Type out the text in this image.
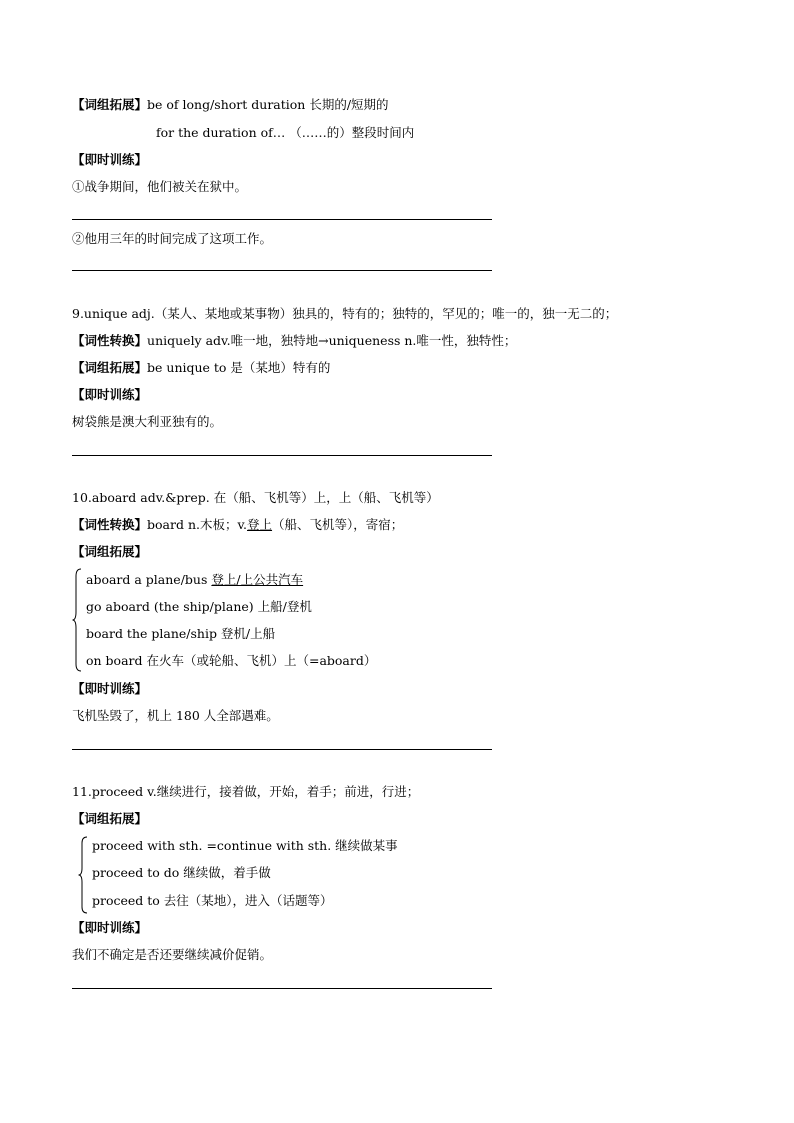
【词组拓展】be of long/short duration 长期的/短期的
for the duration of… （……的）整段时间内
【即时训练】
①战争期间，他们被关在狱中。
②他用三年的时间完成了这项工作。
9.unique adj.（某人、某地或某事物）独具的，特有的；独特的，罕见的；唯一的，独一无二的；
【词性转换】uniquely adv.唯一地，独特地→uniqueness n.唯一性，独特性；
【词组拓展】be unique to 是（某地）特有的
【即时训练】
树袋熊是澳大利亚独有的。
10.aboard adv.&prep. 在（船、飞机等）上，上（船、飞机等）
【词性转换】board n.木板；v.登上（船、飞机等），寄宿；
【词组拓展】
aboard a plane/bus 登上/上公共汽车
go aboard (the ship/plane) 上船/登机
board the plane/ship 登机/上船
on board 在火车（或轮船、飞机）上（=aboard）
【即时训练】
飞机坠毁了，机上 180 人全部遇难。
11.proceed v.继续进行，接着做，开始，着手；前进，行进；
【词组拓展】
proceed with sth. =continue with sth. 继续做某事
proceed to do 继续做，着手做
proceed to 去往（某地），进入（话题等）
【即时训练】
我们不确定是否还要继续减价促销。
